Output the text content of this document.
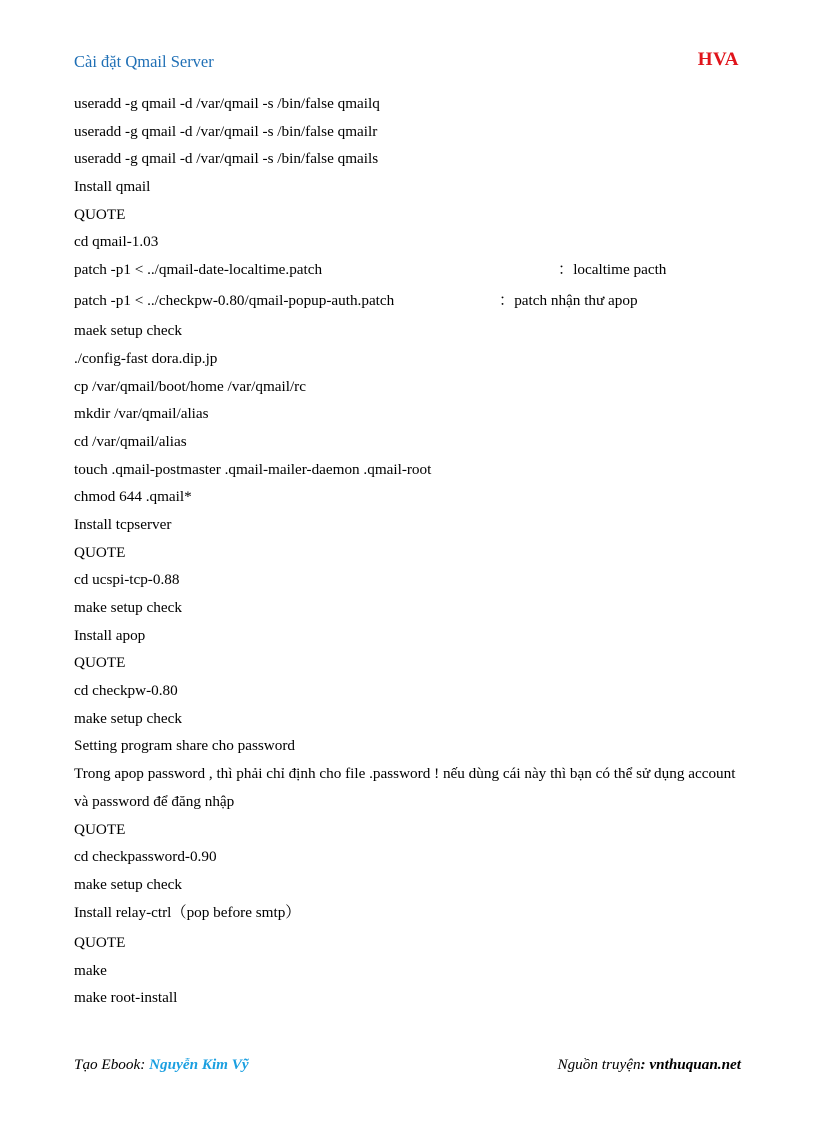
Cài đặt Qmail Server	HVA
useradd -g qmail -d /var/qmail -s /bin/false qmailq
useradd -g qmail -d /var/qmail -s /bin/false qmailr
useradd -g qmail -d /var/qmail -s /bin/false qmails
Install qmail
QUOTE
cd qmail-1.03
patch -p1 < ../qmail-date-localtime.patch	：localtime pacth
patch -p1 < ../checkpw-0.80/qmail-popup-auth.patch	：patch nhận thư apop
maek setup check
./config-fast dora.dip.jp
cp /var/qmail/boot/home /var/qmail/rc
mkdir /var/qmail/alias
cd /var/qmail/alias
touch .qmail-postmaster .qmail-mailer-daemon .qmail-root
chmod 644 .qmail*
Install tcpserver
QUOTE
cd ucspi-tcp-0.88
make setup check
Install apop
QUOTE
cd checkpw-0.80
make setup check
Setting program share cho password
Trong apop password , thì phải chỉ định cho file .password ! nếu dùng cái này thì bạn có thể sử dụng account và password để đăng nhập
QUOTE
cd checkpassword-0.90
make setup check
Install relay-ctrl（pop before smtp）
QUOTE
make
make root-install
Tạo Ebook: Nguyễn Kim Vỹ	Nguồn truyện: vnthuquan.net
